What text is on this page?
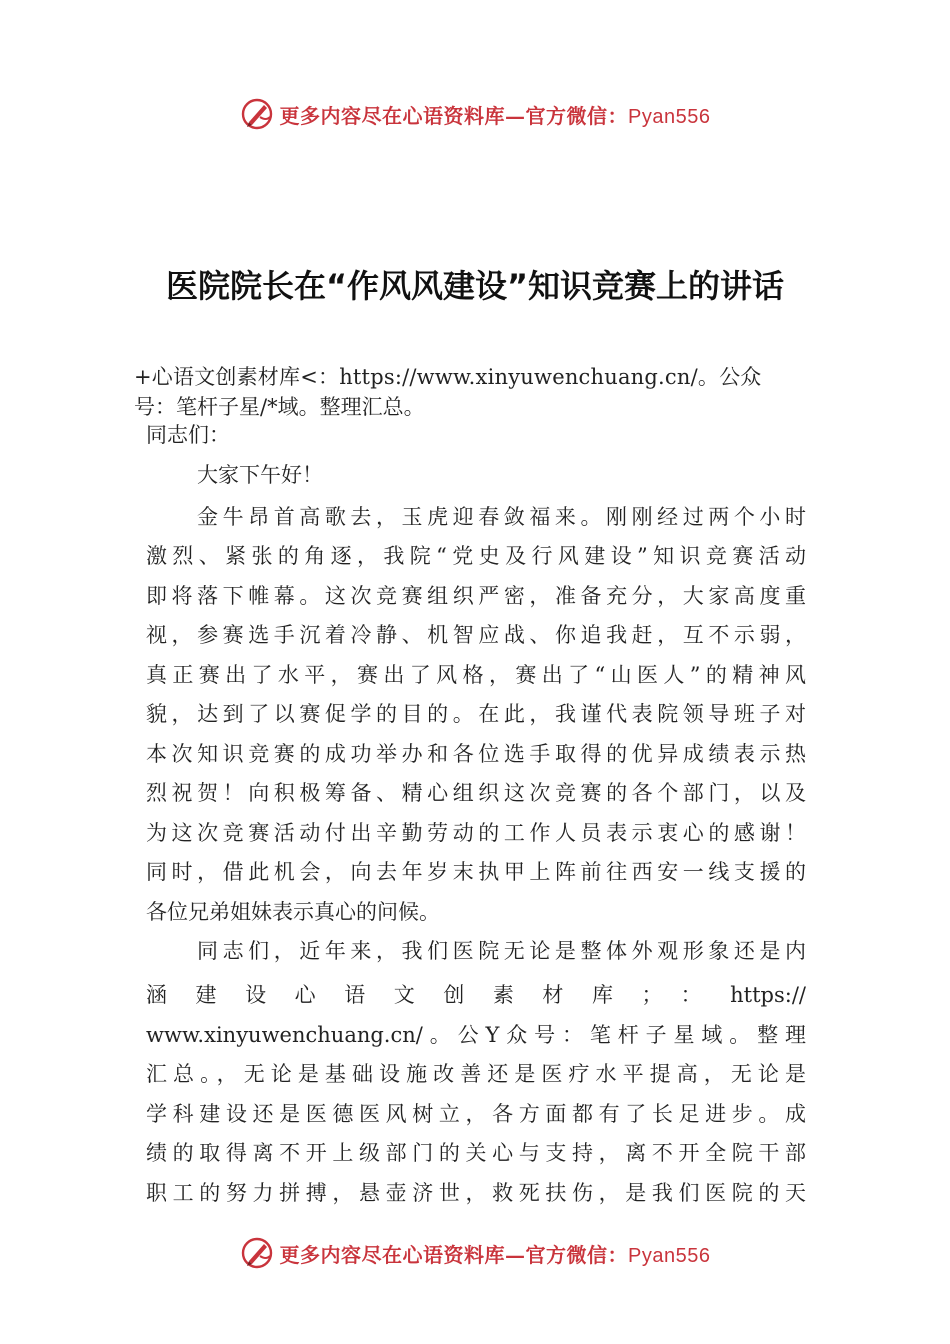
更多内容尽在心语资料库—官方微信：Pyan556
医院院长在“作风风建设”知识竞赛上的讲话
+心语文创素材库<：https://www.xinyuwenchuang.cn/。公众
号：笔杆子星/*域。整理汇总。
同志们：
大家下午好！
金牛昂首高歌去，玉虎迎春敛福来。刚刚经过两个小时
激烈、紧张的角逐，我院“党史及行风建设”知识竞赛活动
即将落下帷幕。这次竞赛组织严密，准备充分，大家高度重
视，参赛选手沉着冷静、机智应战、你追我赶，互不示弱，
真正赛出了水平，赛出了风格，赛出了“山医人”的精神风
貌，达到了以赛促学的目的。在此，我谨代表院领导班子对
本次知识竞赛的成功举办和各位选手取得的优异成绩表示热
烈祝贺！向积极筹备、精心组织这次竞赛的各个部门，以及
为这次竞赛活动付出辛勤劳动的工作人员表示衷心的感谢！
同时，借此机会，向去年岁末执甲上阵前往西安一线支援的
各位兄弟姐妹表示真心的问候。
同志们，近年来，我们医院无论是整体外观形象还是内
涵建设心语文创素材库；：https://
www.xinyuwenchuang.cn/。公Y众号：笔杆子星域。整理
汇总。，无论是基础设施改善还是医疗水平提高，无论是
学科建设还是医德医风树立，各方面都有了长足进步。成
绩的取得离不开上级部门的关心与支持，离不开全院干部
职工的努力拼搏，悬壶济世，救死扶伤，是我们医院的天
更多内容尽在心语资料库—官方微信：Pyan556
